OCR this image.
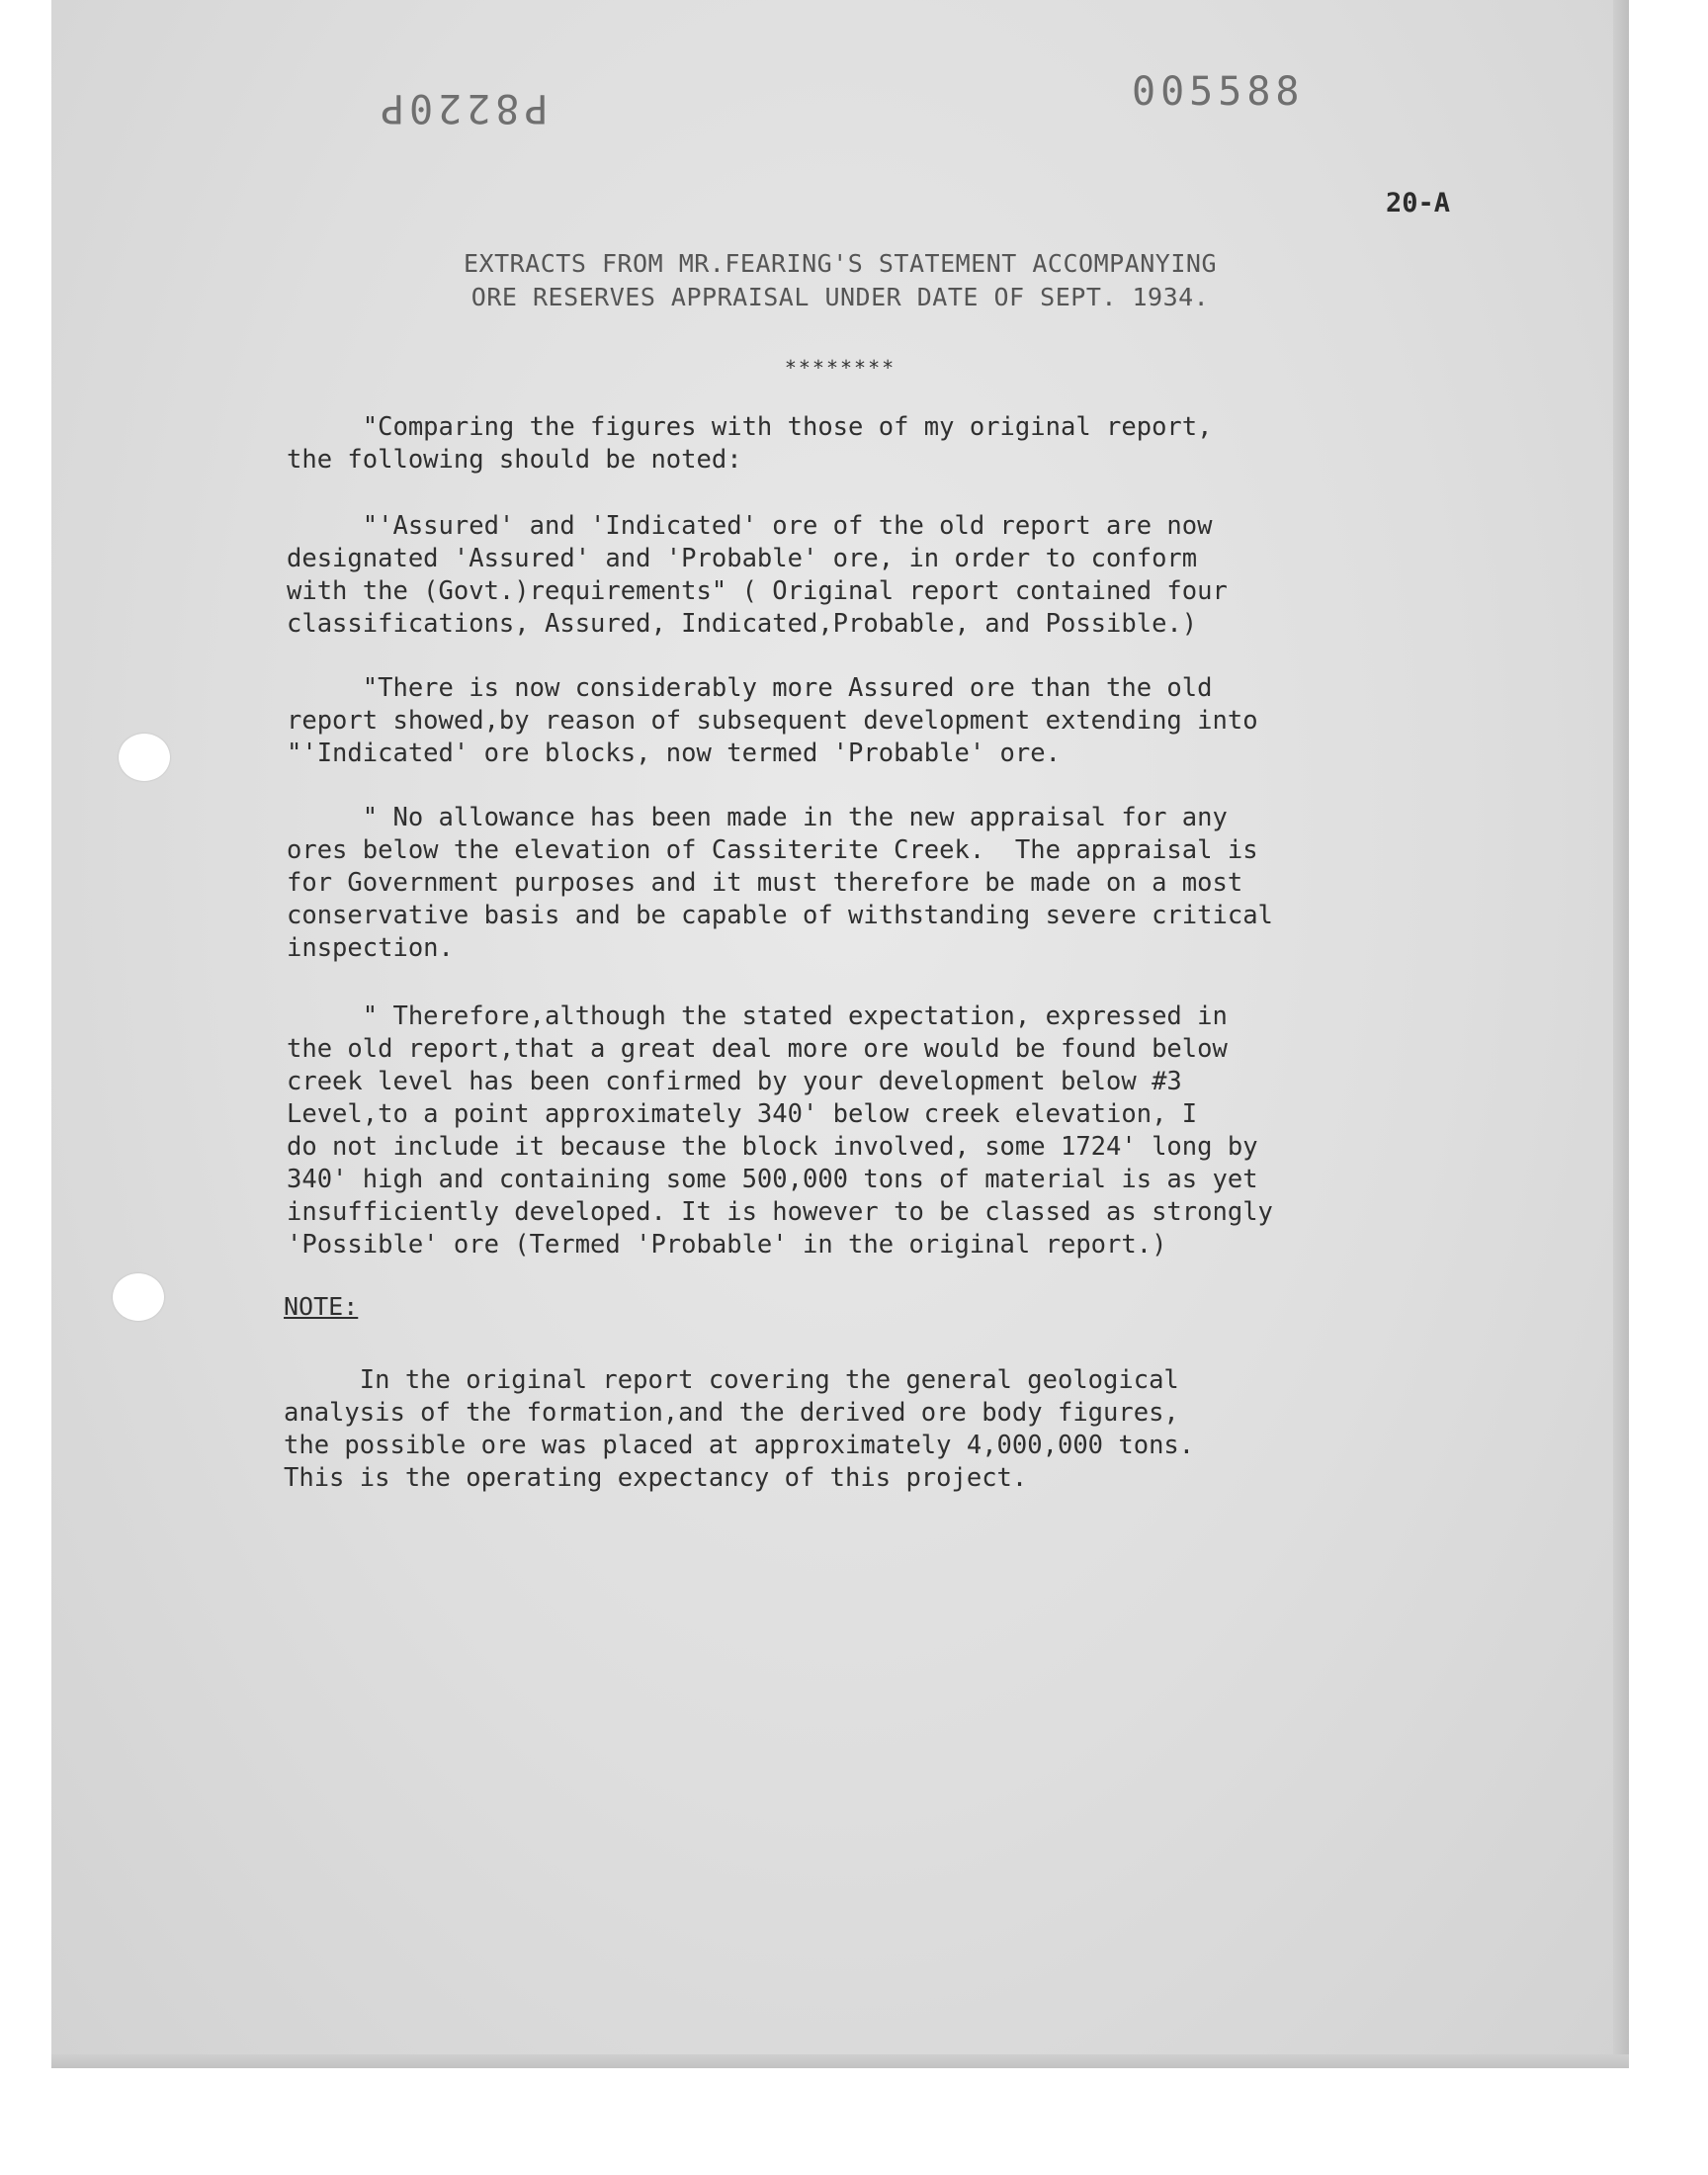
P8220P	005588
20-A
EXTRACTS FROM MR.FEARING'S STATEMENT ACCOMPANYING
ORE RESERVES APPRAISAL UNDER DATE OF SEPT. 1934.
********

"Comparing the figures with those of my original report,
the following should be noted:

"'Assured' and 'Indicated' ore of the old report are now
designated 'Assured' and 'Probable' ore, in order to conform
with the (Govt.)requirements" ( Original report contained four
classifications, Assured, Indicated,Probable, and Possible.)

"There is now considerably more Assured ore than the old
report showed,by reason of subsequent development extending into
"'Indicated' ore blocks, now termed 'Probable' ore.

" No allowance has been made in the new appraisal for any
ores below the elevation of Cassiterite Creek.  The appraisal is
for Government purposes and it must therefore be made on a most
conservative basis and be capable of withstanding severe critical
inspection.

" Therefore,although the stated expectation, expressed in
the old report,that a great deal more ore would be found below
creek level has been confirmed by your development below #3
Level,to a point approximately 340' below creek elevation, I
do not include it because the block involved, some 1724' long by
340' high and containing some 500,000 tons of material is as yet
insufficiently developed. It is however to be classed as strongly
'Possible' ore (Termed 'Probable' in the original report.)

NOTE:

In the original report covering the general geological
analysis of the formation,and the derived ore body figures,
the possible ore was placed at approximately 4,000,000 tons.
This is the operating expectancy of this project.
